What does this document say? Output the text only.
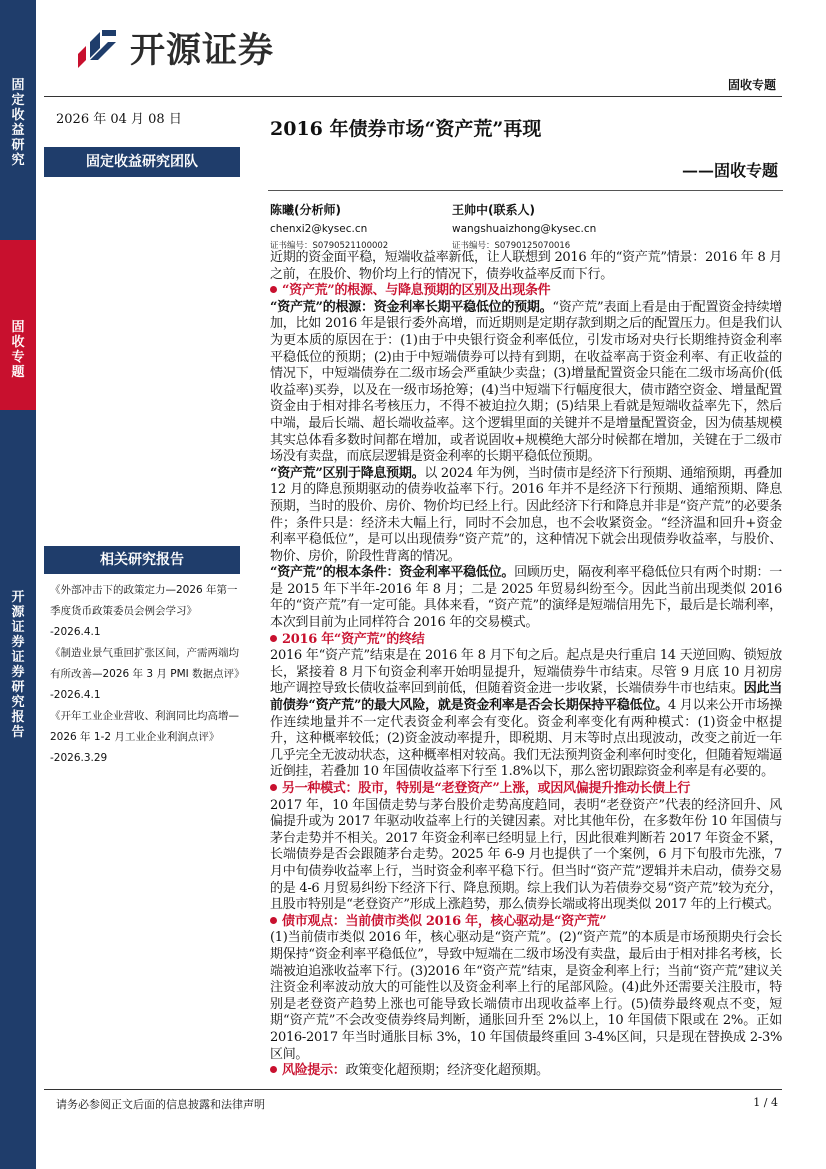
固定收益研究
固收专题
开源证券 证券研究报告
开源证券
固收专题
2026 年 04 月 08 日
固定收益研究团队
2016 年债券市场“资产荒”再现
——固收专题
陈曦(分析师)
chenxi2@kysec.cn
证书编号：S0790521100002
王帅中(联系人)
wangshuaizhong@kysec.cn
证书编号：S0790125070016
相关研究报告
《外部冲击下的政策定力—2026 年第一季度货币政策委员会例会学习》
-2026.4.1
《制造业景气重回扩张区间，产需两端均有所改善—2026 年 3 月 PMI 数据点评》
-2026.4.1
《开年工业企业营收、利润同比均高增—2026 年 1-2 月工业企业利润点评》
-2026.3.29

近期的资金面平稳，短端收益率新低，让人联想到 2016 年的“资产荒”情景：2016 年 8 月之前，在股价、物价均上行的情况下，债券收益率反而下行。

“资产荒”的根源、与降息预期的区别及出现条件

“资产荒”的根源：资金利率长期平稳低位的预期。“资产荒”表面上看是由于配置资金持续增加，比如 2016 年是银行委外高增，而近期则是定期存款到期之后的配置压力。但是我们认为更本质的原因在于：(1)由于中央银行资金利率低位，引发市场对央行长期维持资金利率平稳低位的预期；(2)由于中短端债券可以持有到期，在收益率高于资金利率、有正收益的情况下，中短端债券在二级市场会严重缺少卖盘；(3)增量配置资金只能在二级市场高价(低收益率)买券，以及在一级市场抢筹；(4)当中短端下行幅度很大，债市踏空资金、增量配置资金由于相对排名考核压力，不得不被迫拉久期；(5)结果上看就是短端收益率先下，然后中端，最后长端、超长端收益率。这个逻辑里面的关键并不是增量配置资金，因为债基规模其实总体看多数时间都在增加，或者说固收+规模绝大部分时候都在增加，关键在于二级市场没有卖盘，而底层逻辑是资金利率的长期平稳低位预期。

“资产荒”区别于降息预期。以 2024 年为例，当时债市是经济下行预期、通缩预期，再叠加 12 月的降息预期驱动的债券收益率下行。2016 年并不是经济下行预期、通缩预期、降息预期，当时的股价、房价、物价均已经上行。因此经济下行和降息并非是“资产荒”的必要条件；条件只是：经济未大幅上行，同时不会加息，也不会收紧资金。“经济温和回升+资金利率平稳低位”，是可以出现债券“资产荒”的，这种情况下就会出现债券收益率，与股价、物价、房价，阶段性背离的情况。

“资产荒”的根本条件：资金利率平稳低位。回顾历史，隔夜利率平稳低位只有两个时期：一是 2015 年下半年-2016 年 8 月；二是 2025 年贸易纠纷至今。因此当前出现类似 2016 年的“资产荒”有一定可能。具体来看，“资产荒”的演绎是短端信用先下，最后是长端利率，本次到目前为止同样符合 2016 年的交易模式。

2016 年“资产荒”的终结

2016 年“资产荒”结束是在 2016 年 8 月下旬之后。起点是央行重启 14 天逆回购、锁短放长，紧接着 8 月下旬资金利率开始明显提升，短端债券牛市结束。尽管 9 月底 10 月初房地产调控导致长债收益率回到前低，但随着资金进一步收紧，长端债券牛市也结束。因此当前债券“资产荒”的最大风险，就是资金利率是否会长期保持平稳低位。4 月以来公开市场操作连续地量并不一定代表资金利率会有变化。资金利率变化有两种模式：(1)资金中枢提升，这种概率较低；(2)资金波动率提升，即税期、月末等时点出现波动，改变之前近一年几乎完全无波动状态，这种概率相对较高。我们无法预判资金利率何时变化，但随着短端逼近倒挂，若叠加 10 年国债收益率下行至 1.8%以下，那么密切跟踪资金利率是有必要的。

另一种模式：股市，特别是“老登资产”上涨，或因风偏提升推动长债上行

2017 年，10 年国债走势与茅台股价走势高度趋同，表明“老登资产”代表的经济回升、风偏提升或为 2017 年驱动收益率上行的关键因素。对比其他年份，在多数年份 10 年国债与茅台走势并不相关。2017 年资金利率已经明显上行，因此很难判断若 2017 年资金不紧，长端债券是否会跟随茅台走势。2025 年 6-9 月也提供了一个案例，6 月下旬股市先涨，7 月中旬债券收益率上行，当时资金利率平稳下行。但当时“资产荒”逻辑并未启动，债券交易的是 4-6 月贸易纠纷下经济下行、降息预期。综上我们认为若债券交易“资产荒”较为充分，且股市特别是“老登资产”形成上涨趋势，那么债券长端或将出现类似 2017 年的上行模式。

债市观点：当前债市类似 2016 年，核心驱动是“资产荒”

(1)当前债市类似 2016 年，核心驱动是“资产荒”。(2)“资产荒”的本质是市场预期央行会长期保持“资金利率平稳低位”，导致中短端在二级市场没有卖盘，最后由于相对排名考核，长端被迫追涨收益率下行。(3)2016 年“资产荒”结束，是资金利率上行；当前“资产荒”建议关注资金利率波动放大的可能性以及资金利率上行的尾部风险。(4)此外还需要关注股市，特别是老登资产趋势上涨也可能导致长端债市出现收益率上行。(5)债券最终观点不变，短期“资产荒”不会改变债券终局判断，通胀回升至 2%以上，10 年国债下限或在 2%。正如 2016-2017 年当时通胀目标 3%，10 年国债最终重回 3-4%区间，只是现在替换成 2-3%区间。

风险提示：政策变化超预期；经济变化超预期。

请务必参阅正文后面的信息披露和法律声明	1 / 4
